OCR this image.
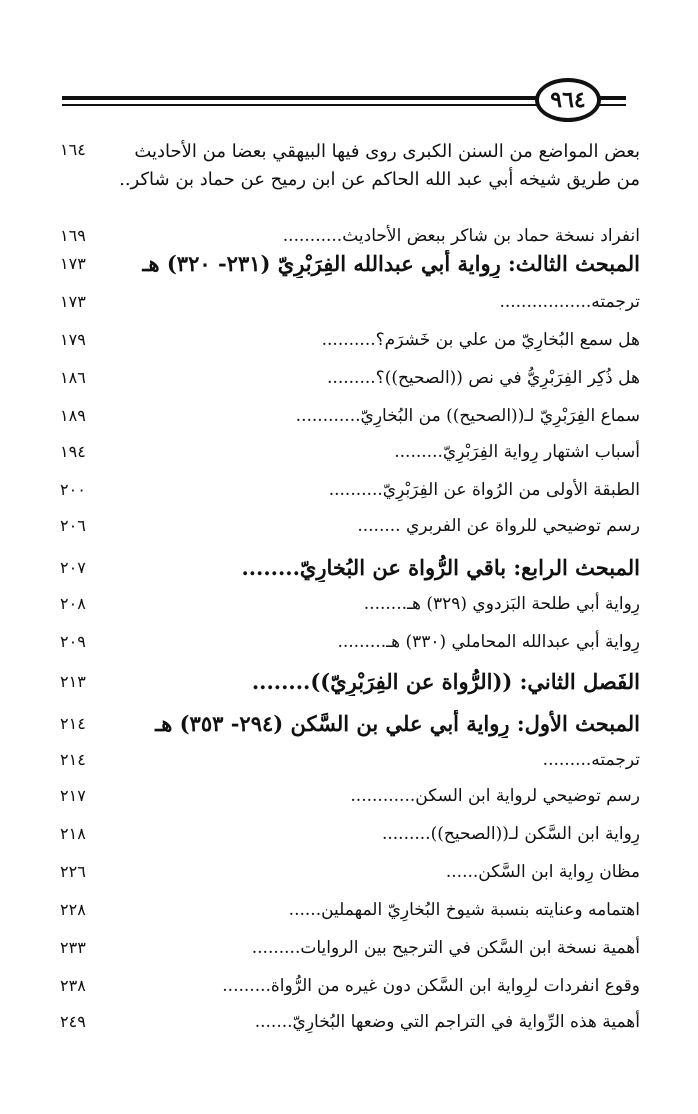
٩٦٤
بعض المواضع من السنن الكبرى روى فيها البيهقي بعضا من الأحاديث من طريق شيخه أبي عبد الله الحاكم عن ابن رميح عن حماد بن شاكر..
١٦٤
انفراد نسخة حماد بن شاكر ببعض الأحاديث...........
١٦٩
المبحث الثالث: رِواية أبي عبدالله الفِرَبْرِيّ (٢٣١- ٣٢٠) هـ
١٧٣
ترجمته.................
١٧٣
هل سمع البُخارِيّ من علي بن خَشرَم؟..........
١٧٩
هل ذُكِر الفِرَبْرِيُّ في نص ((الصحيح))؟.........
١٨٦
سماع الفِرَبْرِيّ لـ((الصحيح)) من البُخارِيّ............
١٨٩
أسباب اشتهار رِواية الفِرَبْرِيّ.........
١٩٤
الطبقة الأولى من الرُواة عن الفِرَبْرِيّ..........
٢٠٠
رسم توضيحي للرواة عن الفربري ........
٢٠٦
المبحث الرابع: باقي الرُّواة عن البُخارِيّ........
٢٠٧
رِواية أبي طلحة البَزدوي (٣٢٩) هـ........
٢٠٨
رِواية أبي عبدالله المحاملي (٣٣٠) هـ.........
٢٠٩
الفَصل الثاني: ((الرُّواة عن الفِرَبْرِيّ))........
٢١٣
المبحث الأول: رِواية أبي علي بن السَّكن (٢٩٤- ٣٥٣) هـ
٢١٤
ترجمته.........
٢١٤
رسم توضيحي لرواية ابن السكن............
٢١٧
رِواية ابن السَّكن لـ((الصحيح)).........
٢١٨
مظان رِواية ابن السَّكن......
٢٢٦
اهتمامه وعنايته بنسبة شيوخ البُخارِيّ المهملين......
٢٢٨
أهمية نسخة ابن السَّكن في الترجيح بين الروايات.........
٢٣٣
وقوع انفردات لرِواية ابن السَّكن دون غيره من الرُّواة.........
٢٣٨
أهمية هذه الرِّواية في التراجم التي وضعها البُخارِيّ.......
٢٤٩
